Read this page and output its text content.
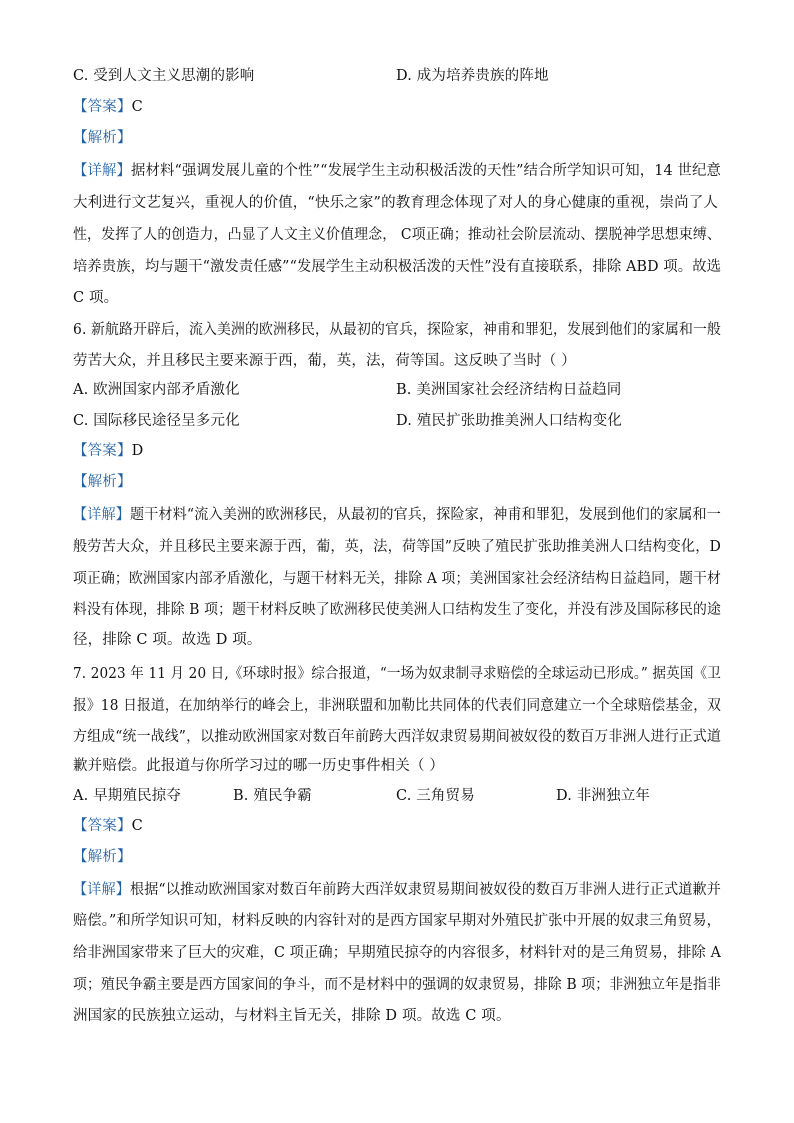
C. 受到人文主义思潮的影响	D. 成为培养贵族的阵地
【答案】C
【解析】
【详解】据材料“强调发展儿童的个性”“发展学生主动积极活泼的天性”结合所学知识可知，14 世纪意
大利进行文艺复兴，重视人的价值，“快乐之家”的教育理念体现了对人的身心健康的重视，崇尚了人
性，发挥了人的创造力，凸显了人文主义价值理念， C项正确；推动社会阶层流动、摆脱神学思想束缚、
培养贵族，均与题干“激发责任感”“发展学生主动积极活泼的天性”没有直接联系，排除 ABD 项。故选
C 项。
6. 新航路开辟后，流入美洲的欧洲移民，从最初的官兵，探险家，神甫和罪犯，发展到他们的家属和一般
劳苦大众，并且移民主要来源于西，葡，英，法，荷等国。这反映了当时（ ）
A. 欧洲国家内部矛盾激化	B. 美洲国家社会经济结构日益趋同
C. 国际移民途径呈多元化	D. 殖民扩张助推美洲人口结构变化
【答案】D
【解析】
【详解】题干材料“流入美洲的欧洲移民，从最初的官兵，探险家，神甫和罪犯，发展到他们的家属和一
般劳苦大众，并且移民主要来源于西，葡，英，法，荷等国”反映了殖民扩张助推美洲人口结构变化，D
项正确；欧洲国家内部矛盾激化，与题干材料无关，排除 A 项；美洲国家社会经济结构日益趋同，题干材
料没有体现，排除 B 项；题干材料反映了欧洲移民使美洲人口结构发生了变化，并没有涉及国际移民的途
径，排除 C 项。故选 D 项。
7. 2023 年 11 月 20 日,《环球时报》综合报道，“一场为奴隶制寻求赔偿的全球运动已形成。” 据英国《卫
报》18 日报道，在加纳举行的峰会上，非洲联盟和加勒比共同体的代表们同意建立一个全球赔偿基金，双
方组成“统一战线”，以推动欧洲国家对数百年前跨大西洋奴隶贸易期间被奴役的数百万非洲人进行正式道
歉并赔偿。此报道与你所学习过的哪一历史事件相关（ ）
A. 早期殖民掠夺	B. 殖民争霸	C. 三角贸易	D. 非洲独立年
【答案】C
【解析】
【详解】根据“以推动欧洲国家对数百年前跨大西洋奴隶贸易期间被奴役的数百万非洲人进行正式道歉并
赔偿。”和所学知识可知，材料反映的内容针对的是西方国家早期对外殖民扩张中开展的奴隶三角贸易，
给非洲国家带来了巨大的灾难，C 项正确；早期殖民掠夺的内容很多，材料针对的是三角贸易，排除 A
项；殖民争霸主要是西方国家间的争斗，而不是材料中的强调的奴隶贸易，排除 B 项；非洲独立年是指非
洲国家的民族独立运动，与材料主旨无关，排除 D 项。故选 C 项。
